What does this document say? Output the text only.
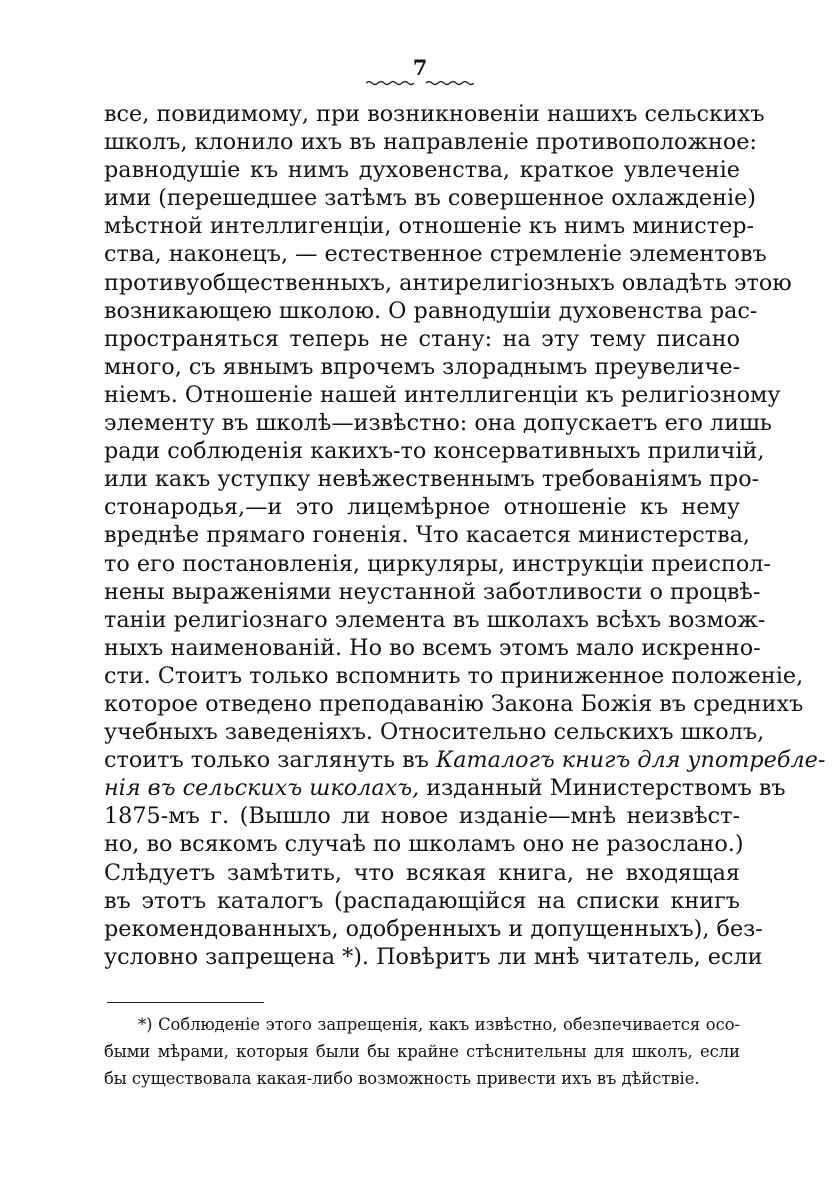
7
все, повидимому, при возникновеніи нашихъ сельскихъ
школъ, клонило ихъ въ направленіе противоположное:
равнодушіе къ нимъ духовенства, краткое увлеченіе
ими (перешедшее затѣмъ въ совершенное охлажденіе)
мѣстной интеллигенціи, отношеніе къ нимъ министер-
ства, наконецъ, — естественное стремленіе элементовъ
противуобщественныхъ, антирелигіозныхъ овладѣть этою
возникающею школою. О равнодушіи духовенства рас-
пространяться теперь не стану: на эту тему писано
много, съ явнымъ впрочемъ злораднымъ преувеличе-
ніемъ. Отношеніе нашей интеллигенціи къ религіозному
элементу въ школѣ—извѣстно: она допускаетъ его лишь
ради соблюденія какихъ-то консервативныхъ приличій,
или какъ уступку невѣжественнымъ требованіямъ про-
стонародья,—и это лицемѣрное отношеніе къ нему
вреднѣе прямаго гоненія. Что касается министерства,
то его постановленія, циркуляры, инструкціи преиспол-
нены выраженіями неустанной заботливости о процвѣ-
таніи религіознаго элемента въ школахъ всѣхъ возмож-
ныхъ наименованій. Но во всемъ этомъ мало искренно-
сти. Стоитъ только вспомнить то приниженное положеніе,
которое отведено преподаванію Закона Божія въ среднихъ
учебныхъ заведеніяхъ. Относительно сельскихъ школъ,
стоитъ только заглянуть въ Каталогъ книгъ для употребле-
нія въ сельскихъ школахъ, изданный Министерствомъ въ
1875-мъ г. (Вышло ли новое изданіе—мнѣ неизвѣст-
но, во всякомъ случаѣ по школамъ оно не разослано.)
Слѣдуетъ замѣтить, что всякая книга, не входящая
въ этотъ каталогъ (распадающійся на списки книгъ
рекомендованныхъ, одобренныхъ и допущенныхъ), без-
условно запрещена *). Повѣритъ ли мнѣ читатель, если
*) Соблюденіе этого запрещенія, какъ извѣстно, обезпечивается осо-
быми мѣрами, которыя были бы крайне стѣснительны для школъ, если
бы существовала какая-либо возможность привести ихъ въ дѣйствіе.
